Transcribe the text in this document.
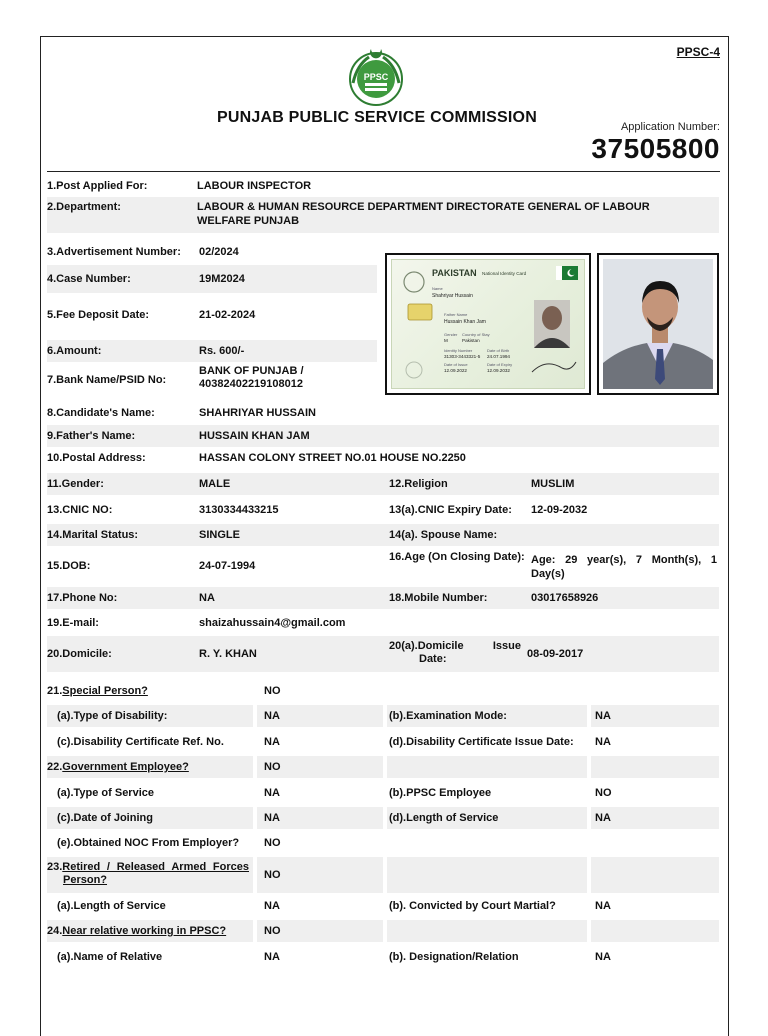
PPSC-4
PPSC
PUNJAB PUBLIC SERVICE COMMISSION
Application Number:
37505800
1.Post Applied For:	LABOUR INSPECTOR
2.Department:	LABOUR & HUMAN RESOURCE DEPARTMENT DIRECTORATE GENERAL OF LABOUR WELFARE PUNJAB
3.Advertisement Number: 02/2024
4.Case Number:	19M2024
5.Fee Deposit Date:	21-02-2024
6.Amount:	Rs. 600/-
7.Bank Name/PSID No:
BANK OF PUNJAB /
40382402219108012
PAKISTAN National Identity Card
Name
Shahriyar Hussain
Father Name
Hussain Khan Jam
Gender
M
Country of Stay
Pakistan
Identity Number
31303-3443321-5
Date of Birth
24.07.1994
Date of Issue
12.09.2022
Date of Expiry
12.09.2032
8.Candidate's Name:	SHAHRIYAR HUSSAIN
9.Father's Name:	HUSSAIN KHAN JAM
10.Postal Address:	HASSAN COLONY STREET NO.01 HOUSE NO.2250
11.Gender:	MALE	12.Religion	MUSLIM
13.CNIC NO:	3130334433215	13(a).CNIC Expiry Date: 12-09-2032
14.Marital Status:	SINGLE	14(a). Spouse Name:
15.DOB:	24-07-1994
16.Age (On Closing Date): Age: 29 year(s), 7 Month(s), 1 Day(s)
17.Phone No:	NA	18.Mobile Number:	03017658926
19.E-mail:	shaizahussain4@gmail.com
20.Domicile:	R. Y. KHAN
20(a).Domicile	Issue
Date:	08-09-2017
21. Special Person?	NO
(a).Type of Disability:	NA	(b).Examination Mode:	NA
(c).Disability Certificate Ref. No.	NA	(d).Disability Certificate Issue Date: NA
22. Government Employee?	NO
(a).Type of Service	NA	(b).PPSC Employee	NO
(c).Date of Joining	NA	(d).Length of Service	NA
(e).Obtained NOC From Employer? NO
23. Retired / Released Armed Forces
Person?	NO
(a).Length of Service	NA	(b). Convicted by Court Martial?	NA
24. Near relative working in PPSC?	NO
(a).Name of Relative	NA	(b). Designation/Relation	NA
